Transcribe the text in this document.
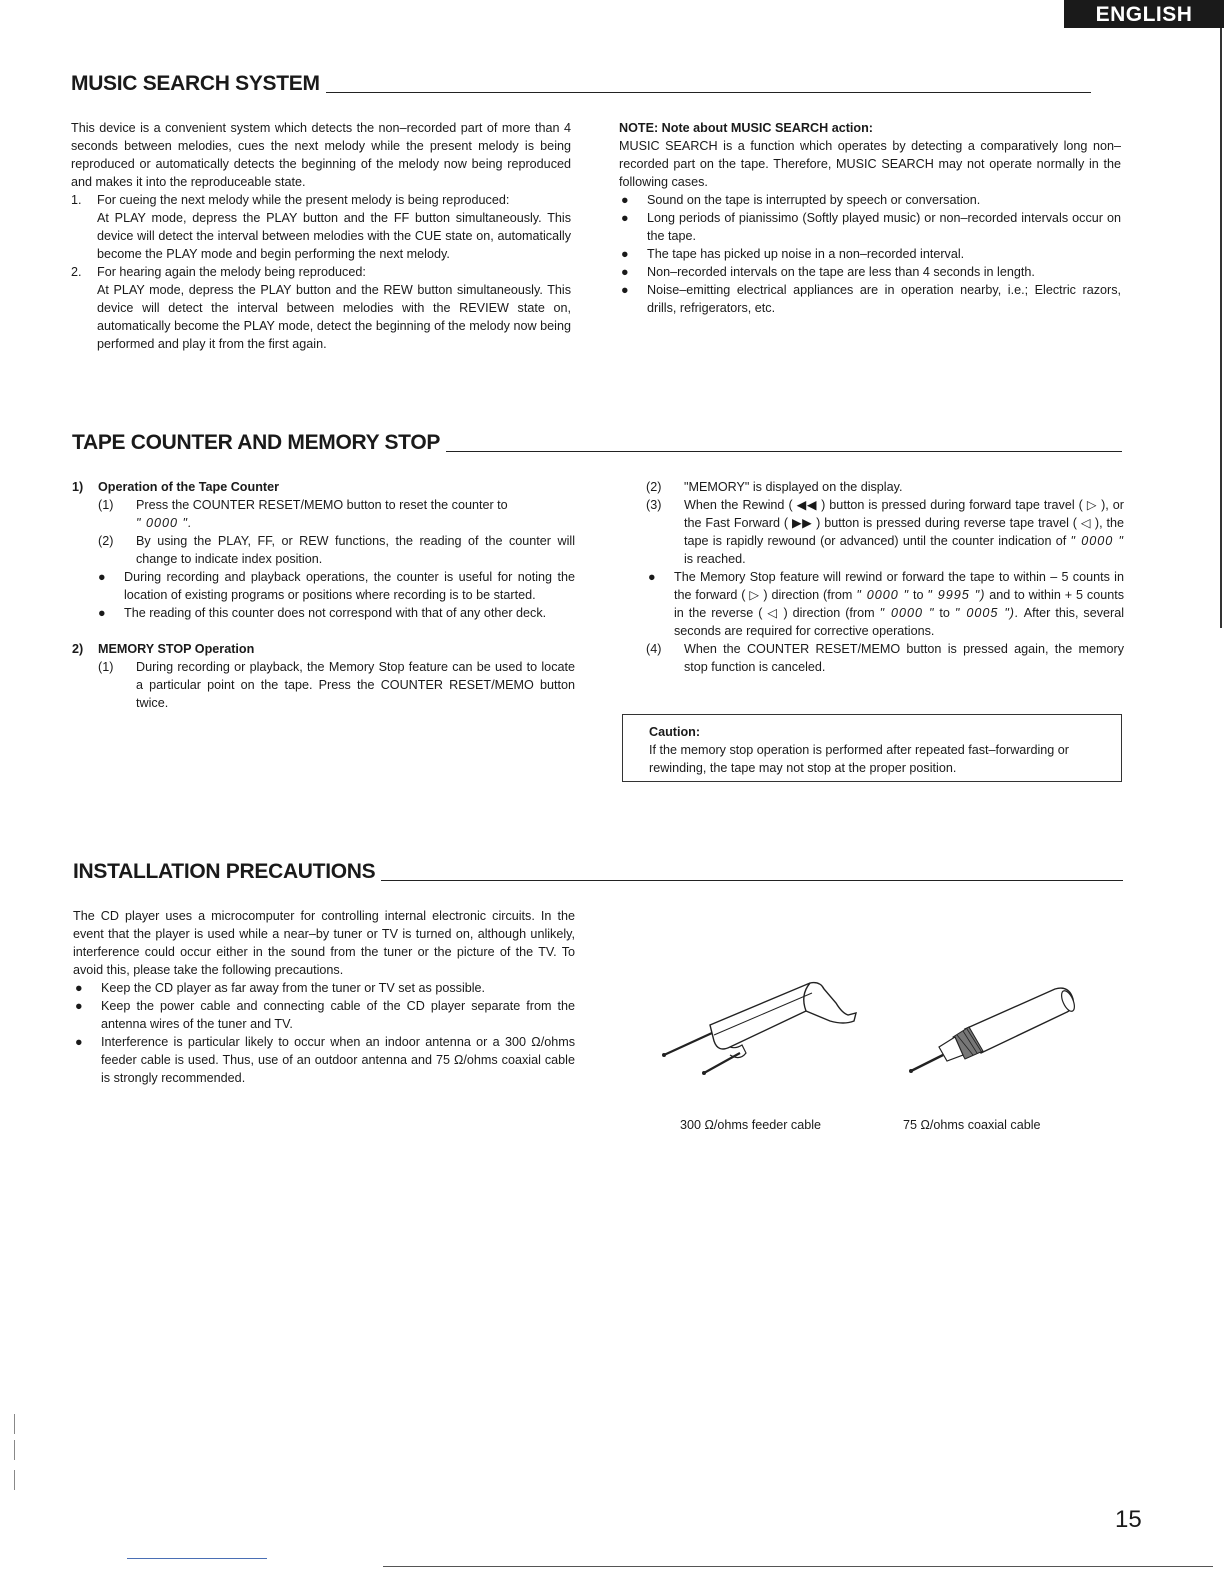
ENGLISH
MUSIC SEARCH SYSTEM

This device is a convenient system which detects the non–recorded part of more than 4 seconds between melodies, cues the next melody while the present melody is being reproduced or automatically detects the beginning of the melody now being reproduced and makes it into the reproduceable state.

1.	For cueing the next melody while the present melody is being reproduced:

At PLAY mode, depress the PLAY button and the FF button simultaneously. This device will detect the interval between melodies with the CUE state on, automatically become the PLAY mode and begin performing the next melody.

2.	For hearing again the melody being reproduced:

At PLAY mode, depress the PLAY button and the REW button simultaneously. This device will detect the interval between melodies with the REVIEW state on, automatically become the PLAY mode, detect the beginning of the melody now being performed and play it from the first again.

NOTE: Note about MUSIC SEARCH action:

MUSIC SEARCH is a function which operates by detecting a comparatively long non–recorded part on the tape. Therefore, MUSIC SEARCH may not operate normally in the following cases.

●	Sound on the tape is interrupted by speech or conversation.
●	Long periods of pianissimo (Softly played music) or non–recorded intervals occur on the tape.
●	The tape has picked up noise in a non–recorded interval.
●	Non–recorded intervals on the tape are less than 4 seconds in length.
●	Noise–emitting electrical appliances are in operation nearby, i.e.; Electric razors, drills, refrigerators, etc.
TAPE COUNTER AND MEMORY STOP
1)	Operation of the Tape Counter
(1)	Press the COUNTER RESET/MEMO button to reset the counter to
" 0000 ".
(2)	By using the PLAY, FF, or REW functions, the reading of the counter will change to indicate index position.
●	During recording and playback operations, the counter is useful for noting the location of existing programs or positions where recording is to be started.
●	The reading of this counter does not correspond with that of any other deck.
2)	MEMORY STOP Operation
(1)	During recording or playback, the Memory Stop feature can be used to locate a particular point on the tape. Press the COUNTER RESET/MEMO button twice.
(2)	"MEMORY" is displayed on the display.
(3)	When the Rewind ( ◀◀ ) button is pressed during forward tape travel ( ▷ ), or the Fast Forward ( ▶▶ ) button is pressed during reverse tape travel ( ◁ ), the tape is rapidly rewound (or advanced) until the counter indication of " 0000 " is reached.
●	The Memory Stop feature will rewind or forward the tape to within – 5 counts in the forward ( ▷ ) direction (from " 0000 " to " 9995 ") and to within + 5 counts in the reverse ( ◁ ) direction (from " 0000 " to " 0005 "). After this, several seconds are required for corrective operations.
(4)	When the COUNTER RESET/MEMO button is pressed again, the memory stop function is canceled.

Caution:

If the memory stop operation is performed after repeated fast–forwarding or rewinding, the tape may not stop at the proper position.

INSTALLATION PRECAUTIONS

The CD player uses a microcomputer for controlling internal electronic circuits. In the event that the player is used while a near–by tuner or TV is turned on, although unlikely, interference could occur either in the sound from the tuner or the picture of the TV. To avoid this, please take the following precautions.

●	Keep the CD player as far away from the tuner or TV set as possible.
●	Keep the power cable and connecting cable of the CD player separate from the antenna wires of the tuner and TV.
●	Interference is particular likely to occur when an indoor antenna or a 300 Ω/ohms feeder cable is used. Thus, use of an outdoor antenna and 75 Ω/ohms coaxial cable is strongly recommended.
300 Ω/ohms feeder cable	75 Ω/ohms coaxial cable
15
